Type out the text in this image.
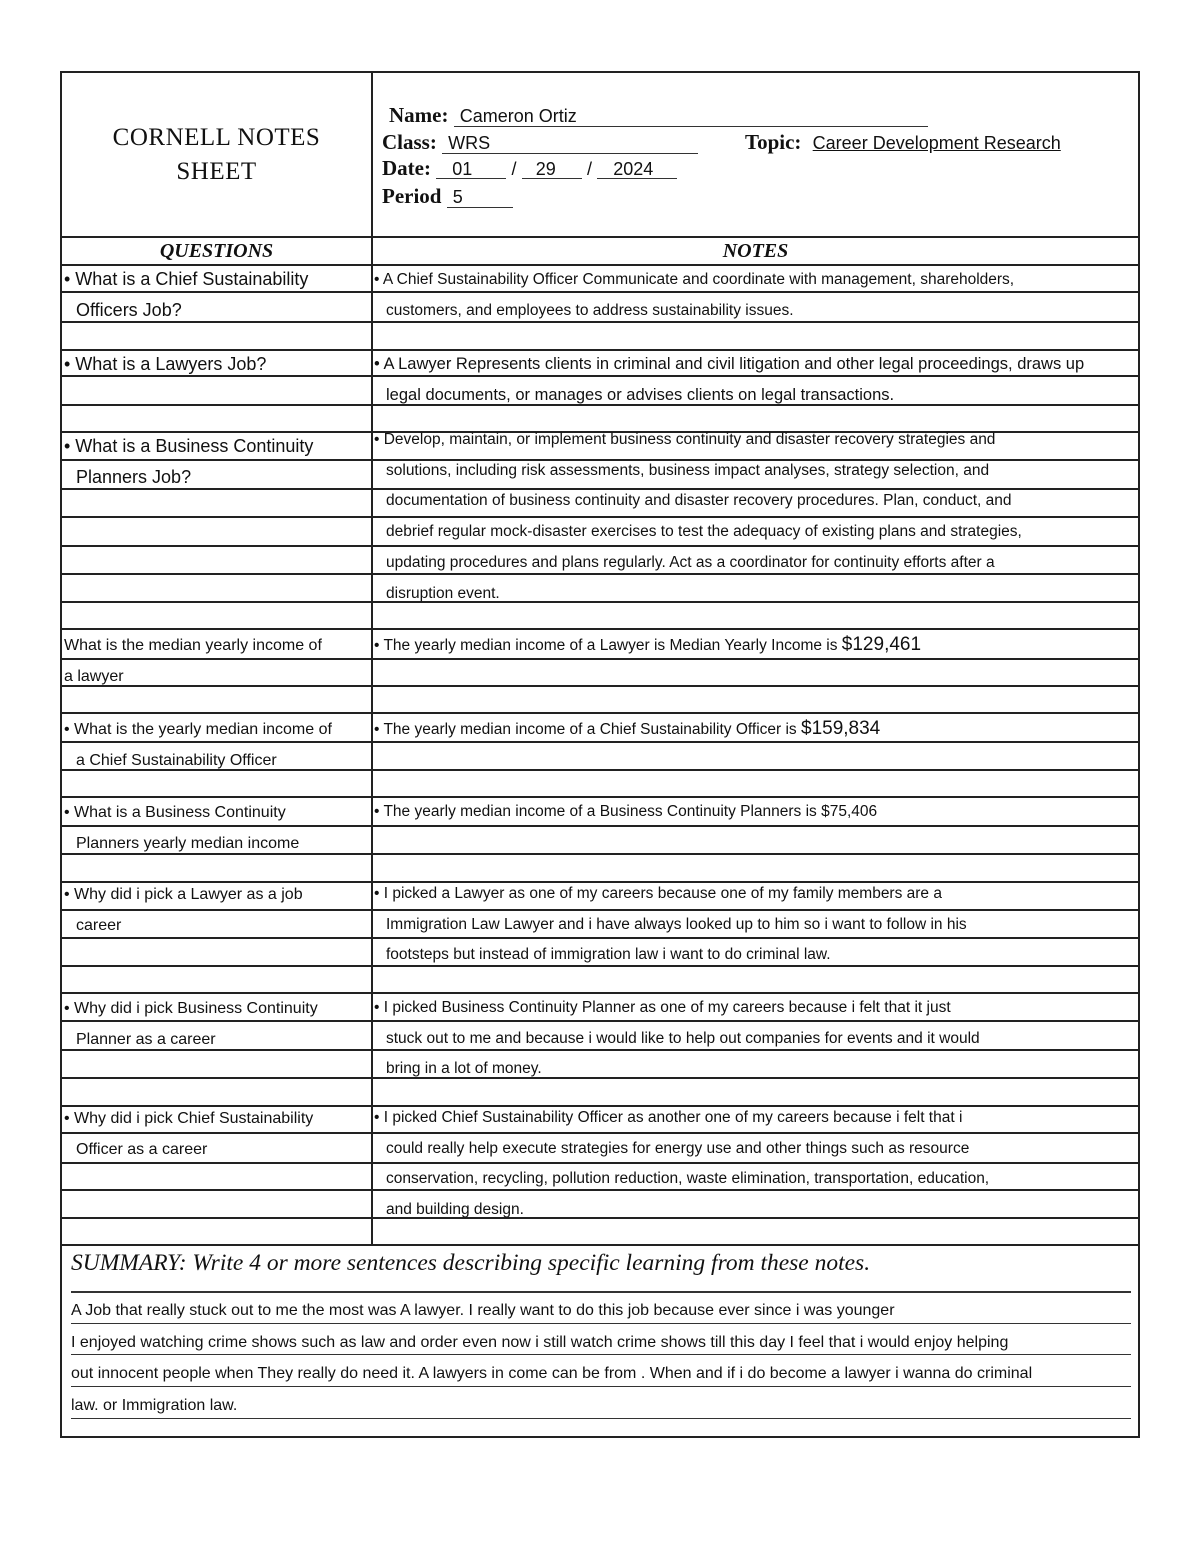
CORNELL NOTES
SHEET
Name: Cameron Ortiz
Class: WRS	Topic: Career Development Research
Date: 01 / 29 / 2024
Period 5
QUESTIONS	NOTES
• What is a Chief Sustainability
Officers Job?
• What is a Lawyers Job?
• What is a Business Continuity
Planners Job?
What is the median yearly income of
a lawyer
• What is the yearly median income of
a Chief Sustainability Officer
• What is a Business Continuity
Planners yearly median income
• Why did i pick a Lawyer as a job
career
• Why did i pick Business Continuity
Planner as a career
• Why did i pick Chief Sustainability
Officer as a career
• A Chief Sustainability Officer Communicate and coordinate with management, shareholders,
customers, and employees to address sustainability issues.
• A Lawyer Represents clients in criminal and civil litigation and other legal proceedings, draws up
legal documents, or manages or advises clients on legal transactions.
• Develop, maintain, or implement business continuity and disaster recovery strategies and
solutions, including risk assessments, business impact analyses, strategy selection, and
documentation of business continuity and disaster recovery procedures. Plan, conduct, and
debrief regular mock-disaster exercises to test the adequacy of existing plans and strategies,
updating procedures and plans regularly. Act as a coordinator for continuity efforts after a
disruption event.
• The yearly median income of a Lawyer is Median Yearly Income is $129,461
• The yearly median income of a Chief Sustainability Officer is $159,834
• The yearly median income of a Business Continuity Planners is $75,406
• I picked a Lawyer as one of my careers because one of my family members are a
Immigration Law Lawyer and i have always looked up to him so i want to follow in his
footsteps but instead of immigration law i want to do criminal law.
• I picked Business Continuity Planner as one of my careers because i felt that it just
stuck out to me and because i would like to help out companies for events and it would
bring in a lot of money.
• I picked Chief Sustainability Officer as another one of my careers because i felt that i
could really help execute strategies for energy use and other things such as resource
conservation, recycling, pollution reduction, waste elimination, transportation, education,
and building design.
SUMMARY: Write 4 or more sentences describing specific learning from these notes.
A Job that really stuck out to me the most was A lawyer. I really want to do this job because ever since i was younger
I enjoyed watching crime shows such as law and order even now i still watch crime shows till this day I feel that i would enjoy helping
out innocent people when They really do need it. A lawyers in come can be from . When and if i do become a lawyer i wanna do criminal
law. or Immigration law.
